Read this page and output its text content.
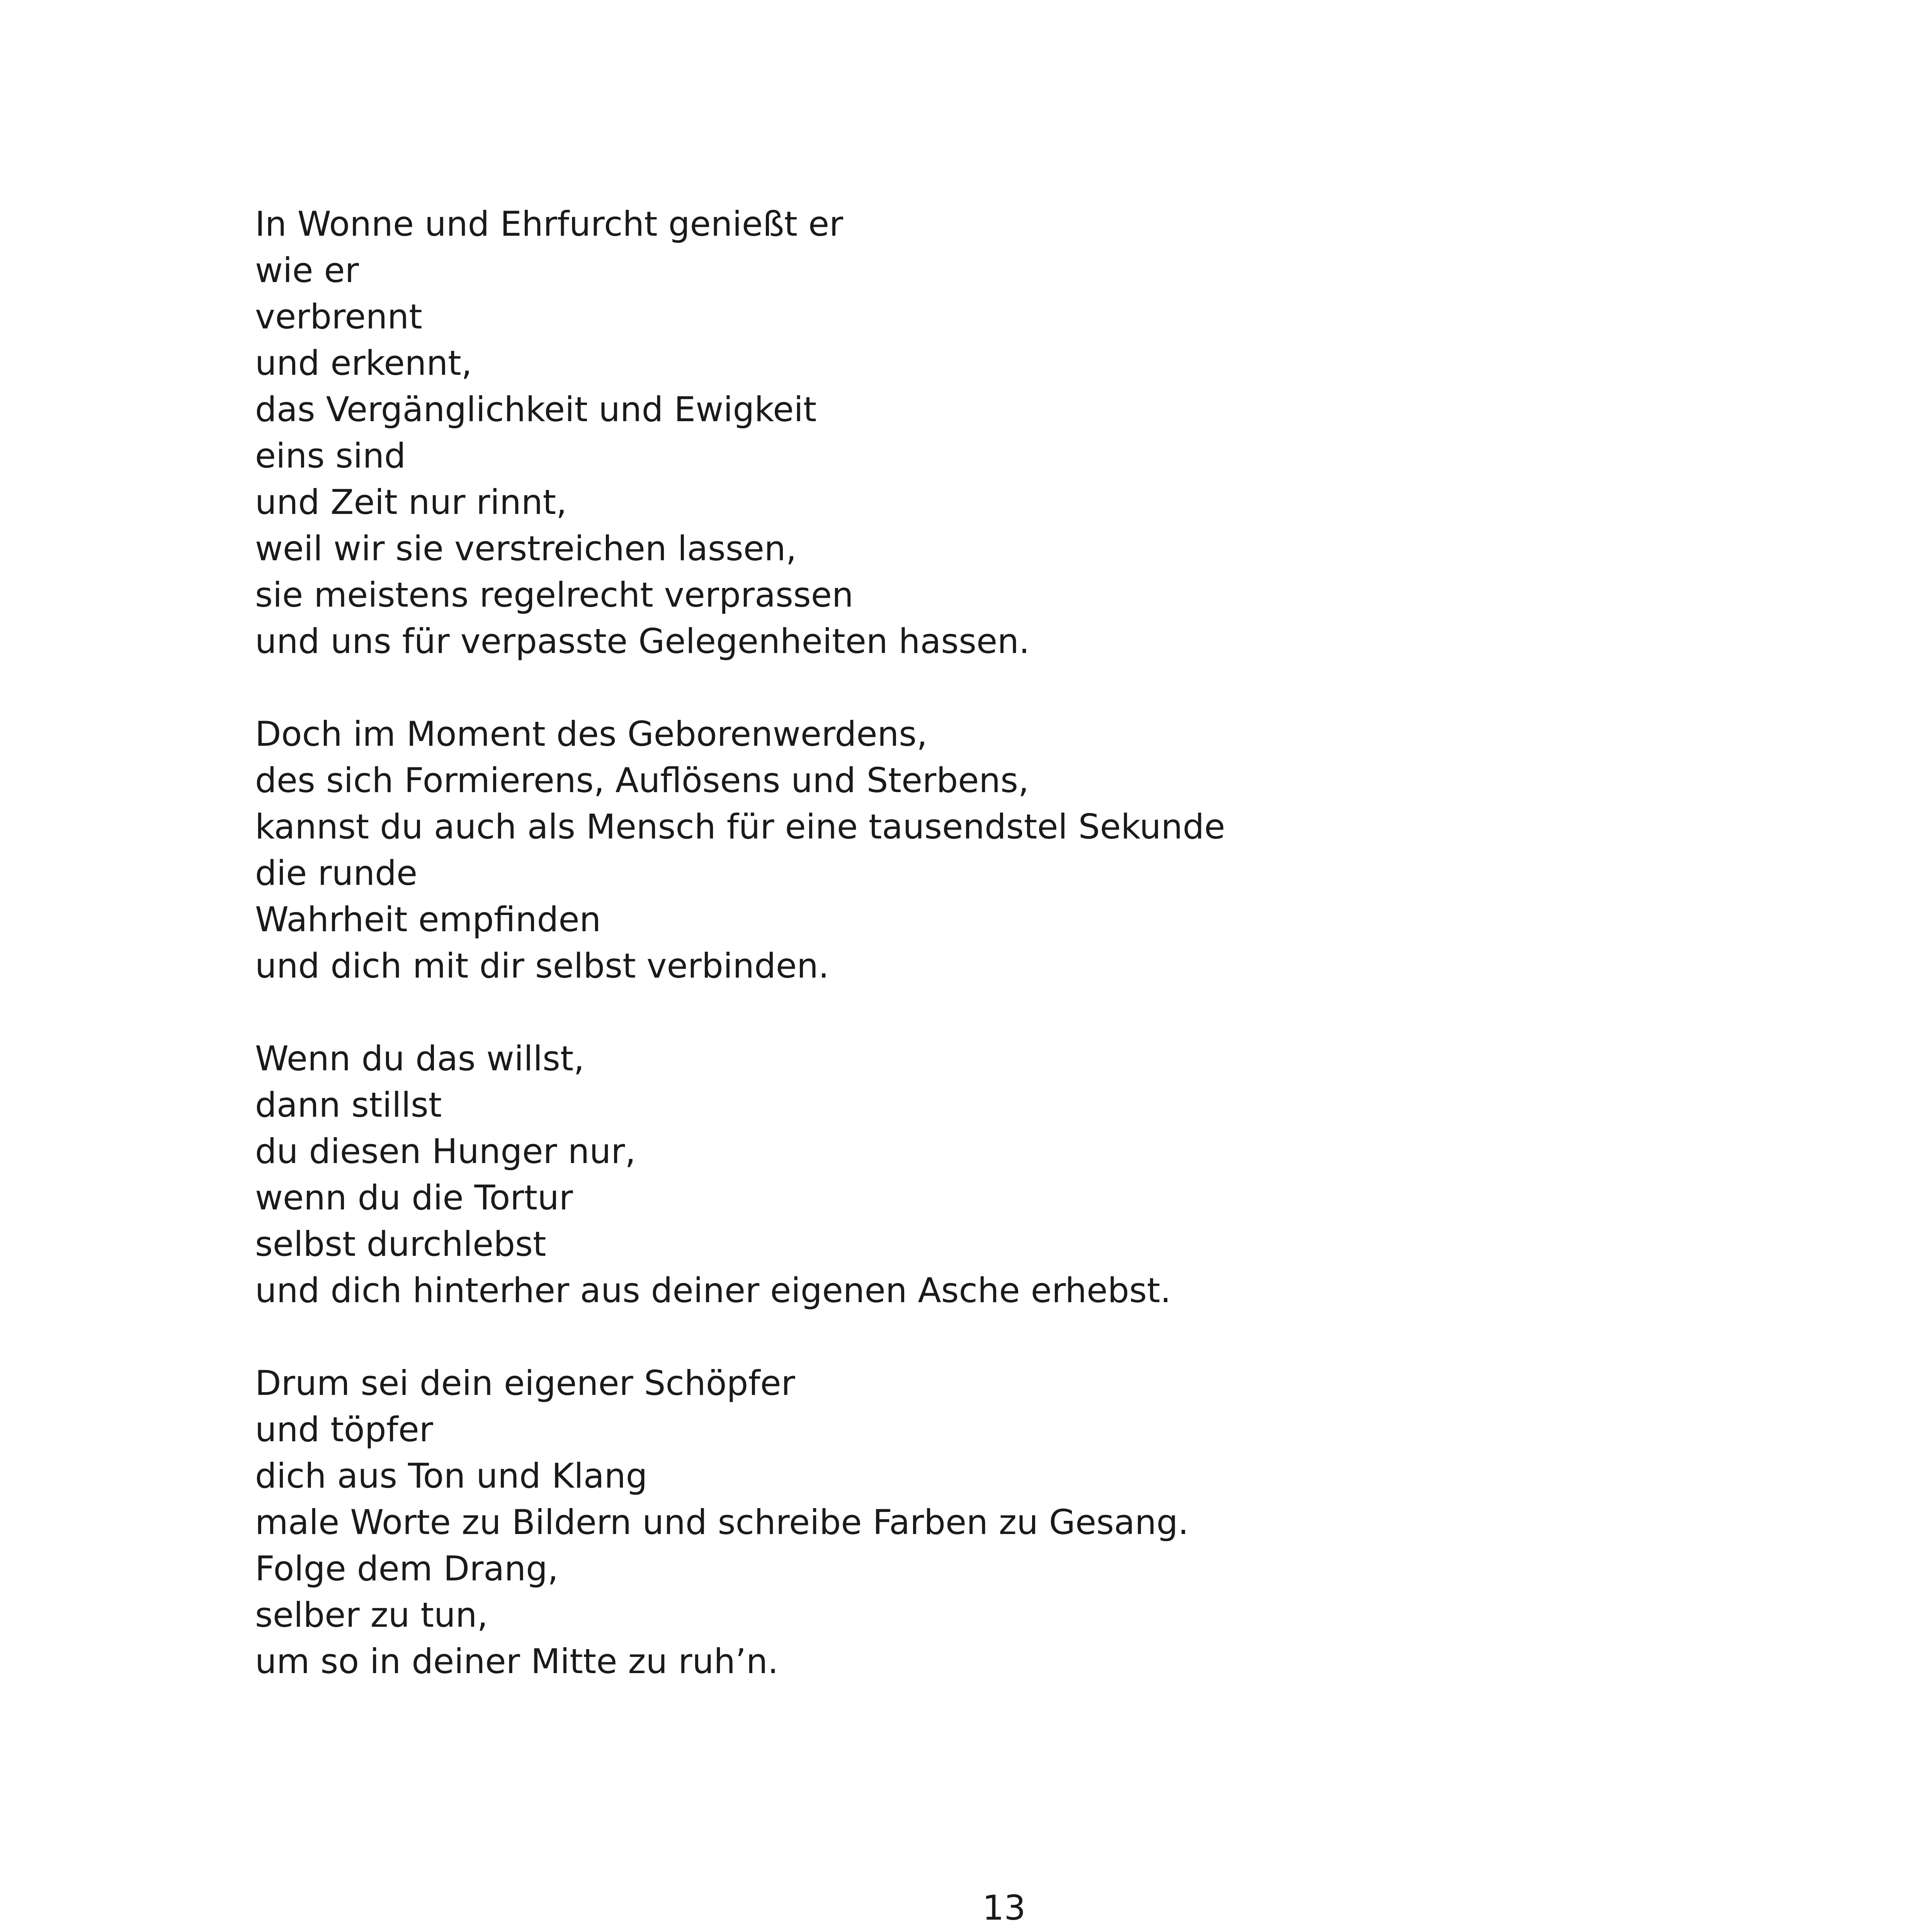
In Wonne und Ehrfurcht genießt er
wie er
verbrennt
und erkennt,
das Vergänglichkeit und Ewigkeit
eins sind
und Zeit nur rinnt,
weil wir sie verstreichen lassen,
sie meistens regelrecht verprassen
und uns für verpasste Gelegenheiten hassen.
Doch im Moment des Geborenwerdens,
des sich Formierens, Auflösens und Sterbens,
kannst du auch als Mensch für eine tausendstel Sekunde
die runde
Wahrheit empfinden
und dich mit dir selbst verbinden.
Wenn du das willst,
dann stillst
du diesen Hunger nur,
wenn du die Tortur
selbst durchlebst
und dich hinterher aus deiner eigenen Asche erhebst.
Drum sei dein eigener Schöpfer
und töpfer
dich aus Ton und Klang
male Worte zu Bildern und schreibe Farben zu Gesang.
Folge dem Drang,
selber zu tun,
um so in deiner Mitte zu ruh’n.
13
